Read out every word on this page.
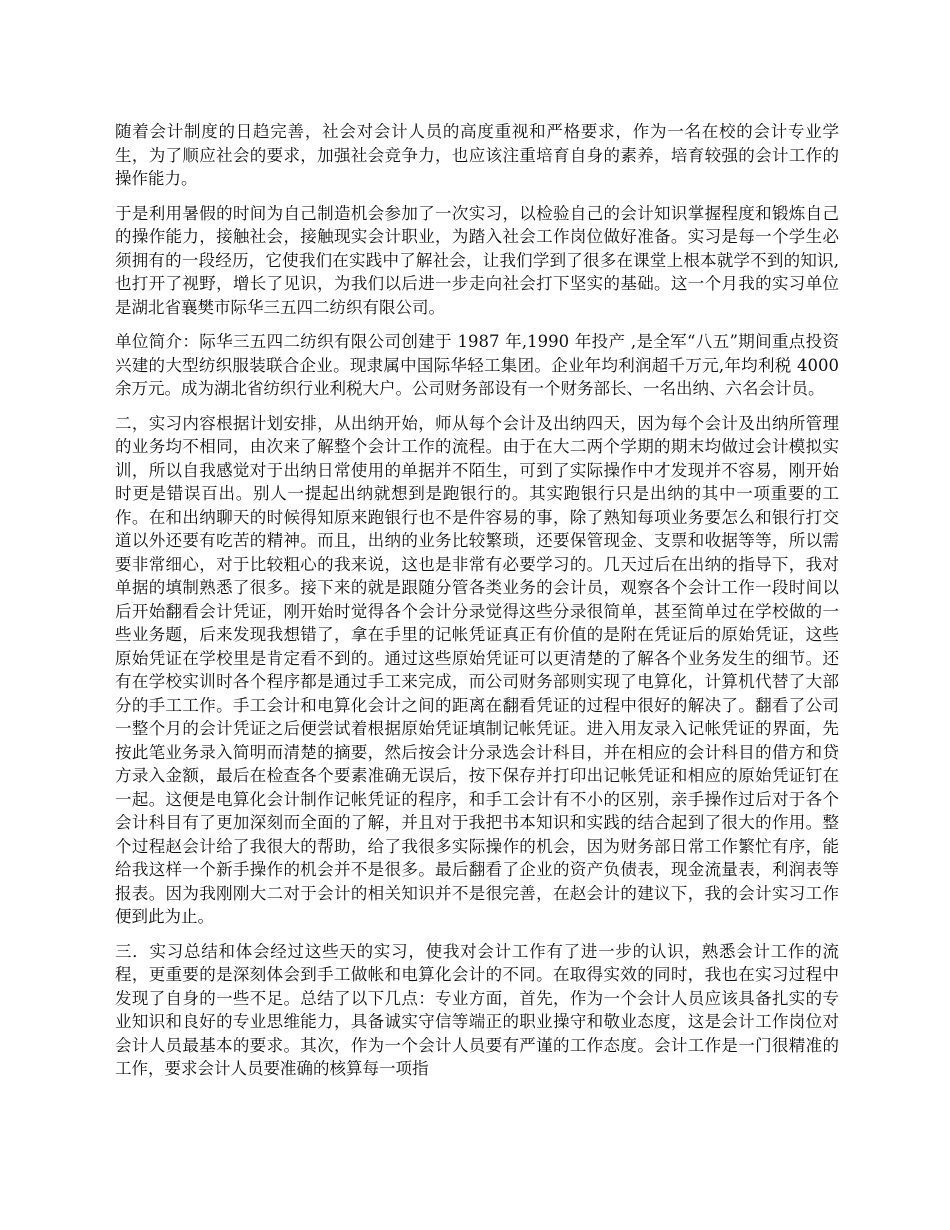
随着会计制度的日趋完善，社会对会计人员的高度重视和严格要求，作为一名在校的会计专业学生，为了顺应社会的要求，加强社会竞争力，也应该注重培育自身的素养，培育较强的会计工作的操作能力。

于是利用暑假的时间为自己制造机会参加了一次实习，以检验自己的会计知识掌握程度和锻炼自己的操作能力，接触社会，接触现实会计职业，为踏入社会工作岗位做好准备。实习是每一个学生必须拥有的一段经历，它使我们在实践中了解社会，让我们学到了很多在课堂上根本就学不到的知识,也打开了视野，增长了见识，为我们以后进一步走向社会打下坚实的基础。这一个月我的实习单位是湖北省襄樊市际华三五四二纺织有限公司。

单位简介：际华三五四二纺织有限公司创建于 1987 年,1990 年投产 ,是全军“八五”期间重点投资兴建的大型纺织服装联合企业。现隶属中国际华轻工集团。企业年均利润超千万元,年均利税 4000 余万元。成为湖北省纺织行业利税大户。公司财务部设有一个财务部长、一名出纳、六名会计员。

二，实习内容根据计划安排，从出纳开始，师从每个会计及出纳四天，因为每个会计及出纳所管理的业务均不相同，由次来了解整个会计工作的流程。由于在大二两个学期的期末均做过会计模拟实训，所以自我感觉对于出纳日常使用的单据并不陌生，可到了实际操作中才发现并不容易，刚开始时更是错误百出。别人一提起出纳就想到是跑银行的。其实跑银行只是出纳的其中一项重要的工作。在和出纳聊天的时候得知原来跑银行也不是件容易的事，除了熟知每项业务要怎么和银行打交道以外还要有吃苦的精神。而且，出纳的业务比较繁琐，还要保管现金、支票和收据等等，所以需要非常细心，对于比较粗心的我来说，这也是非常有必要学习的。几天过后在出纳的指导下，我对单据的填制熟悉了很多。接下来的就是跟随分管各类业务的会计员，观察各个会计工作一段时间以后开始翻看会计凭证，刚开始时觉得各个会计分录觉得这些分录很简单，甚至简单过在学校做的一些业务题，后来发现我想错了，拿在手里的记帐凭证真正有价值的是附在凭证后的原始凭证，这些原始凭证在学校里是肯定看不到的。通过这些原始凭证可以更清楚的了解各个业务发生的细节。还有在学校实训时各个程序都是通过手工来完成，而公司财务部则实现了电算化，计算机代替了大部分的手工工作。手工会计和电算化会计之间的距离在翻看凭证的过程中很好的解决了。翻看了公司一整个月的会计凭证之后便尝试着根据原始凭证填制记帐凭证。进入用友录入记帐凭证的界面，先按此笔业务录入简明而清楚的摘要，然后按会计分录选会计科目，并在相应的会计科目的借方和贷方录入金额，最后在检查各个要素准确无误后，按下保存并打印出记帐凭证和相应的原始凭证钉在一起。这便是电算化会计制作记帐凭证的程序，和手工会计有不小的区别，亲手操作过后对于各个会计科目有了更加深刻而全面的了解，并且对于我把书本知识和实践的结合起到了很大的作用。整个过程赵会计给了我很大的帮助，给了我很多实际操作的机会，因为财务部日常工作繁忙有序，能给我这样一个新手操作的机会并不是很多。最后翻看了企业的资产负债表，现金流量表，利润表等报表。因为我刚刚大二对于会计的相关知识并不是很完善，在赵会计的建议下，我的会计实习工作便到此为止。

三．实习总结和体会经过这些天的实习，使我对会计工作有了进一步的认识，熟悉会计工作的流程，更重要的是深刻体会到手工做帐和电算化会计的不同。在取得实效的同时，我也在实习过程中发现了自身的一些不足。总结了以下几点：专业方面，首先，作为一个会计人员应该具备扎实的专业知识和良好的专业思维能力，具备诚实守信等端正的职业操守和敬业态度，这是会计工作岗位对会计人员最基本的要求。其次，作为一个会计人员要有严谨的工作态度。会计工作是一门很精准的工作，要求会计人员要准确的核算每一项指
